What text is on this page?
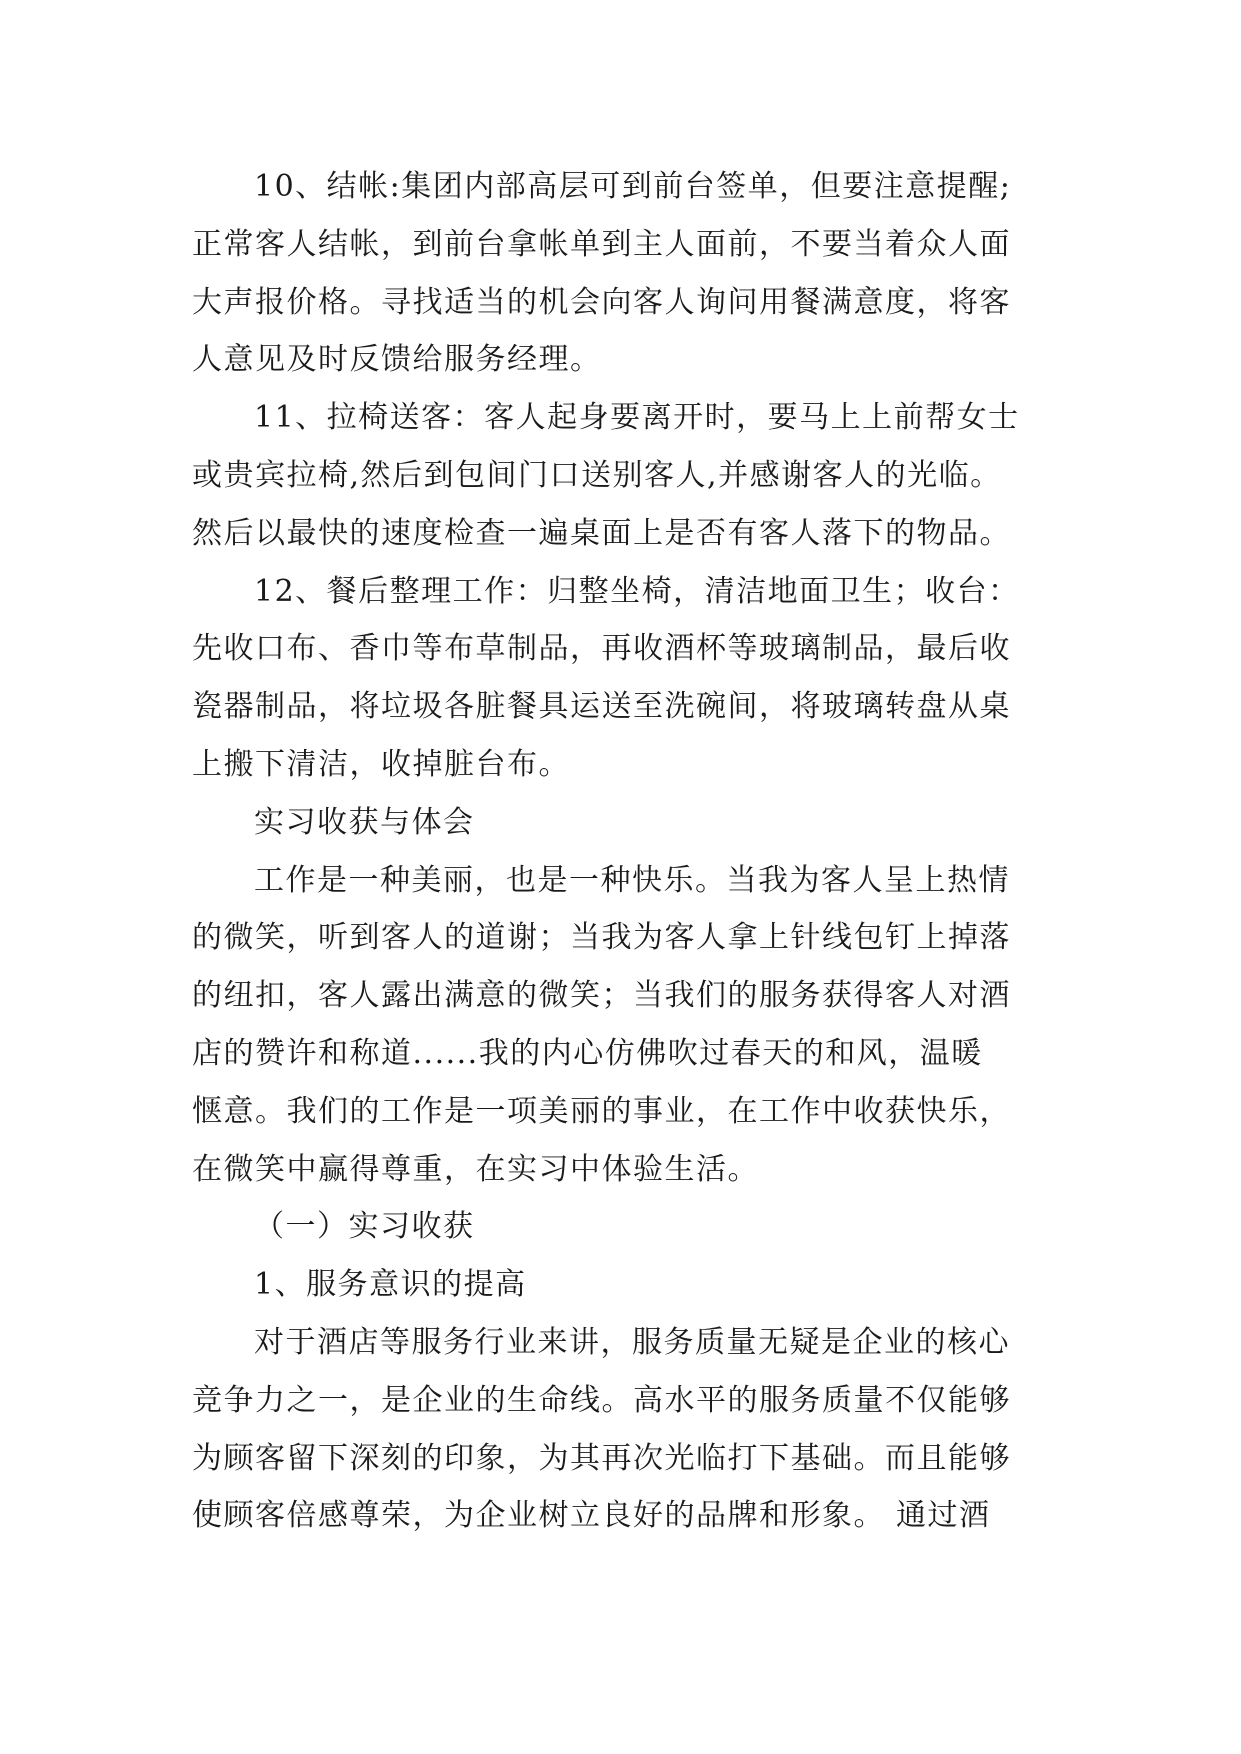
10、结帐:集团内部高层可到前台签单，但要注意提醒;
正常客人结帐，到前台拿帐单到主人面前，不要当着众人面
大声报价格。寻找适当的机会向客人询问用餐满意度，将客
人意见及时反馈给服务经理。
11、拉椅送客：客人起身要离开时，要马上上前帮女士
或贵宾拉椅,然后到包间门口送别客人,并感谢客人的光临。
然后以最快的速度检查一遍桌面上是否有客人落下的物品。
12、餐后整理工作：归整坐椅，清洁地面卫生；收台：
先收口布、香巾等布草制品，再收酒杯等玻璃制品，最后收
瓷器制品，将垃圾各脏餐具运送至洗碗间，将玻璃转盘从桌
上搬下清洁，收掉脏台布。
实习收获与体会
工作是一种美丽，也是一种快乐。当我为客人呈上热情
的微笑，听到客人的道谢；当我为客人拿上针线包钉上掉落
的纽扣，客人露出满意的微笑；当我们的服务获得客人对酒
店的赞许和称道......我的内心仿佛吹过春天的和风，温暖
惬意。我们的工作是一项美丽的事业，在工作中收获快乐，
在微笑中赢得尊重，在实习中体验生活。
（一）实习收获
1、服务意识的提高
对于酒店等服务行业来讲，服务质量无疑是企业的核心
竞争力之一，是企业的生命线。高水平的服务质量不仅能够
为顾客留下深刻的印象，为其再次光临打下基础。而且能够
使顾客倍感尊荣，为企业树立良好的品牌和形象。 通过酒
